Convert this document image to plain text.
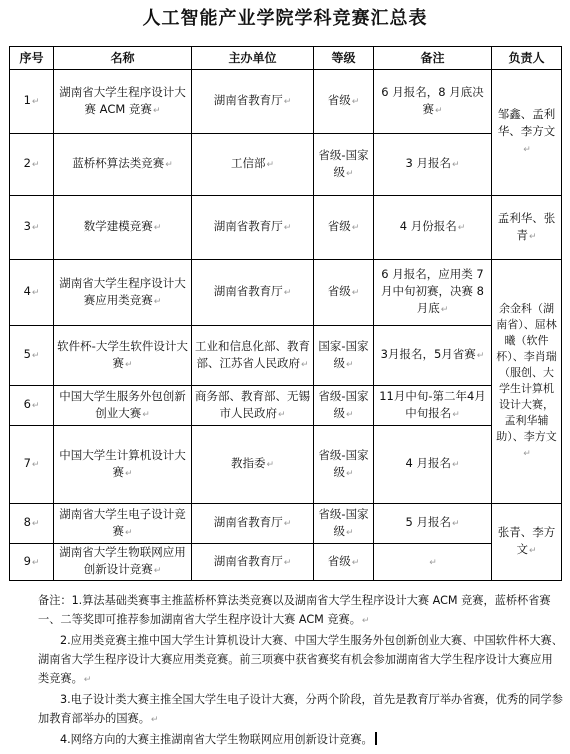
人工智能产业学院学科竞赛汇总表
序号	名称	主办单位	等级	备注	负责人
1↵	湖南省大学生程序设计大赛 ACM 竞赛↵	湖南省教育厅↵	省级↵	6 月报名，8 月底决赛↵	邹鑫、孟利华、李方文↵
2↵	蓝桥杯算法类竞赛↵	工信部↵	省级-国家级↵	3 月报名↵	
3↵	数学建模竞赛↵	湖南省教育厅↵	省级↵	4 月份报名↵	孟利华、张青↵
4↵	湖南省大学生程序设计大赛应用类竞赛↵	湖南省教育厅↵	省级↵	6 月报名，应用类 7 月中旬初赛，决赛 8 月底↵	余金科（湖南省）、屈林曦（软件杯）、李肖瑞（服创、大学生计算机设计大赛，孟利华辅助）、李方文↵
5↵	软件杯-大学生软件设计大赛↵	工业和信息化部、教育部、江苏省人民政府↵	国家-国家级↵	3月报名，5月省赛↵	
6↵	中国大学生服务外包创新创业大赛↵	商务部、教育部、无锡市人民政府↵	省级-国家级↵	11月中旬-第二年4月中旬报名↵	
7↵	中国大学生计算机设计大赛↵	教指委↵	省级-国家级↵	4 月报名↵	
8↵	湖南省大学生电子设计竞赛↵	湖南省教育厅↵	省级-国家级↵	5 月报名↵	张青、李方文↵
9↵	湖南省大学生物联网应用创新设计竞赛↵	湖南省教育厅↵	省级↵	↵	

备注：1.算法基础类赛事主推蓝桥杯算法类竞赛以及湖南省大学生程序设计大赛 ACM 竞赛，蓝桥杯省赛一、二等奖即可推荐参加湖南省大学生程序设计大赛 ACM 竞赛。↵

2.应用类竞赛主推中国大学生计算机设计大赛、中国大学生服务外包创新创业大赛、中国软件杯大赛、湖南省大学生程序设计大赛应用类竞赛。前三项赛中获省赛奖有机会参加湖南省大学生程序设计大赛应用类竞赛。↵

3.电子设计类大赛主推全国大学生电子设计大赛，分两个阶段，首先是教育厅举办省赛，优秀的同学参加教育部举办的国赛。↵

4.网络方向的大赛主推湖南省大学生物联网应用创新设计竞赛。
